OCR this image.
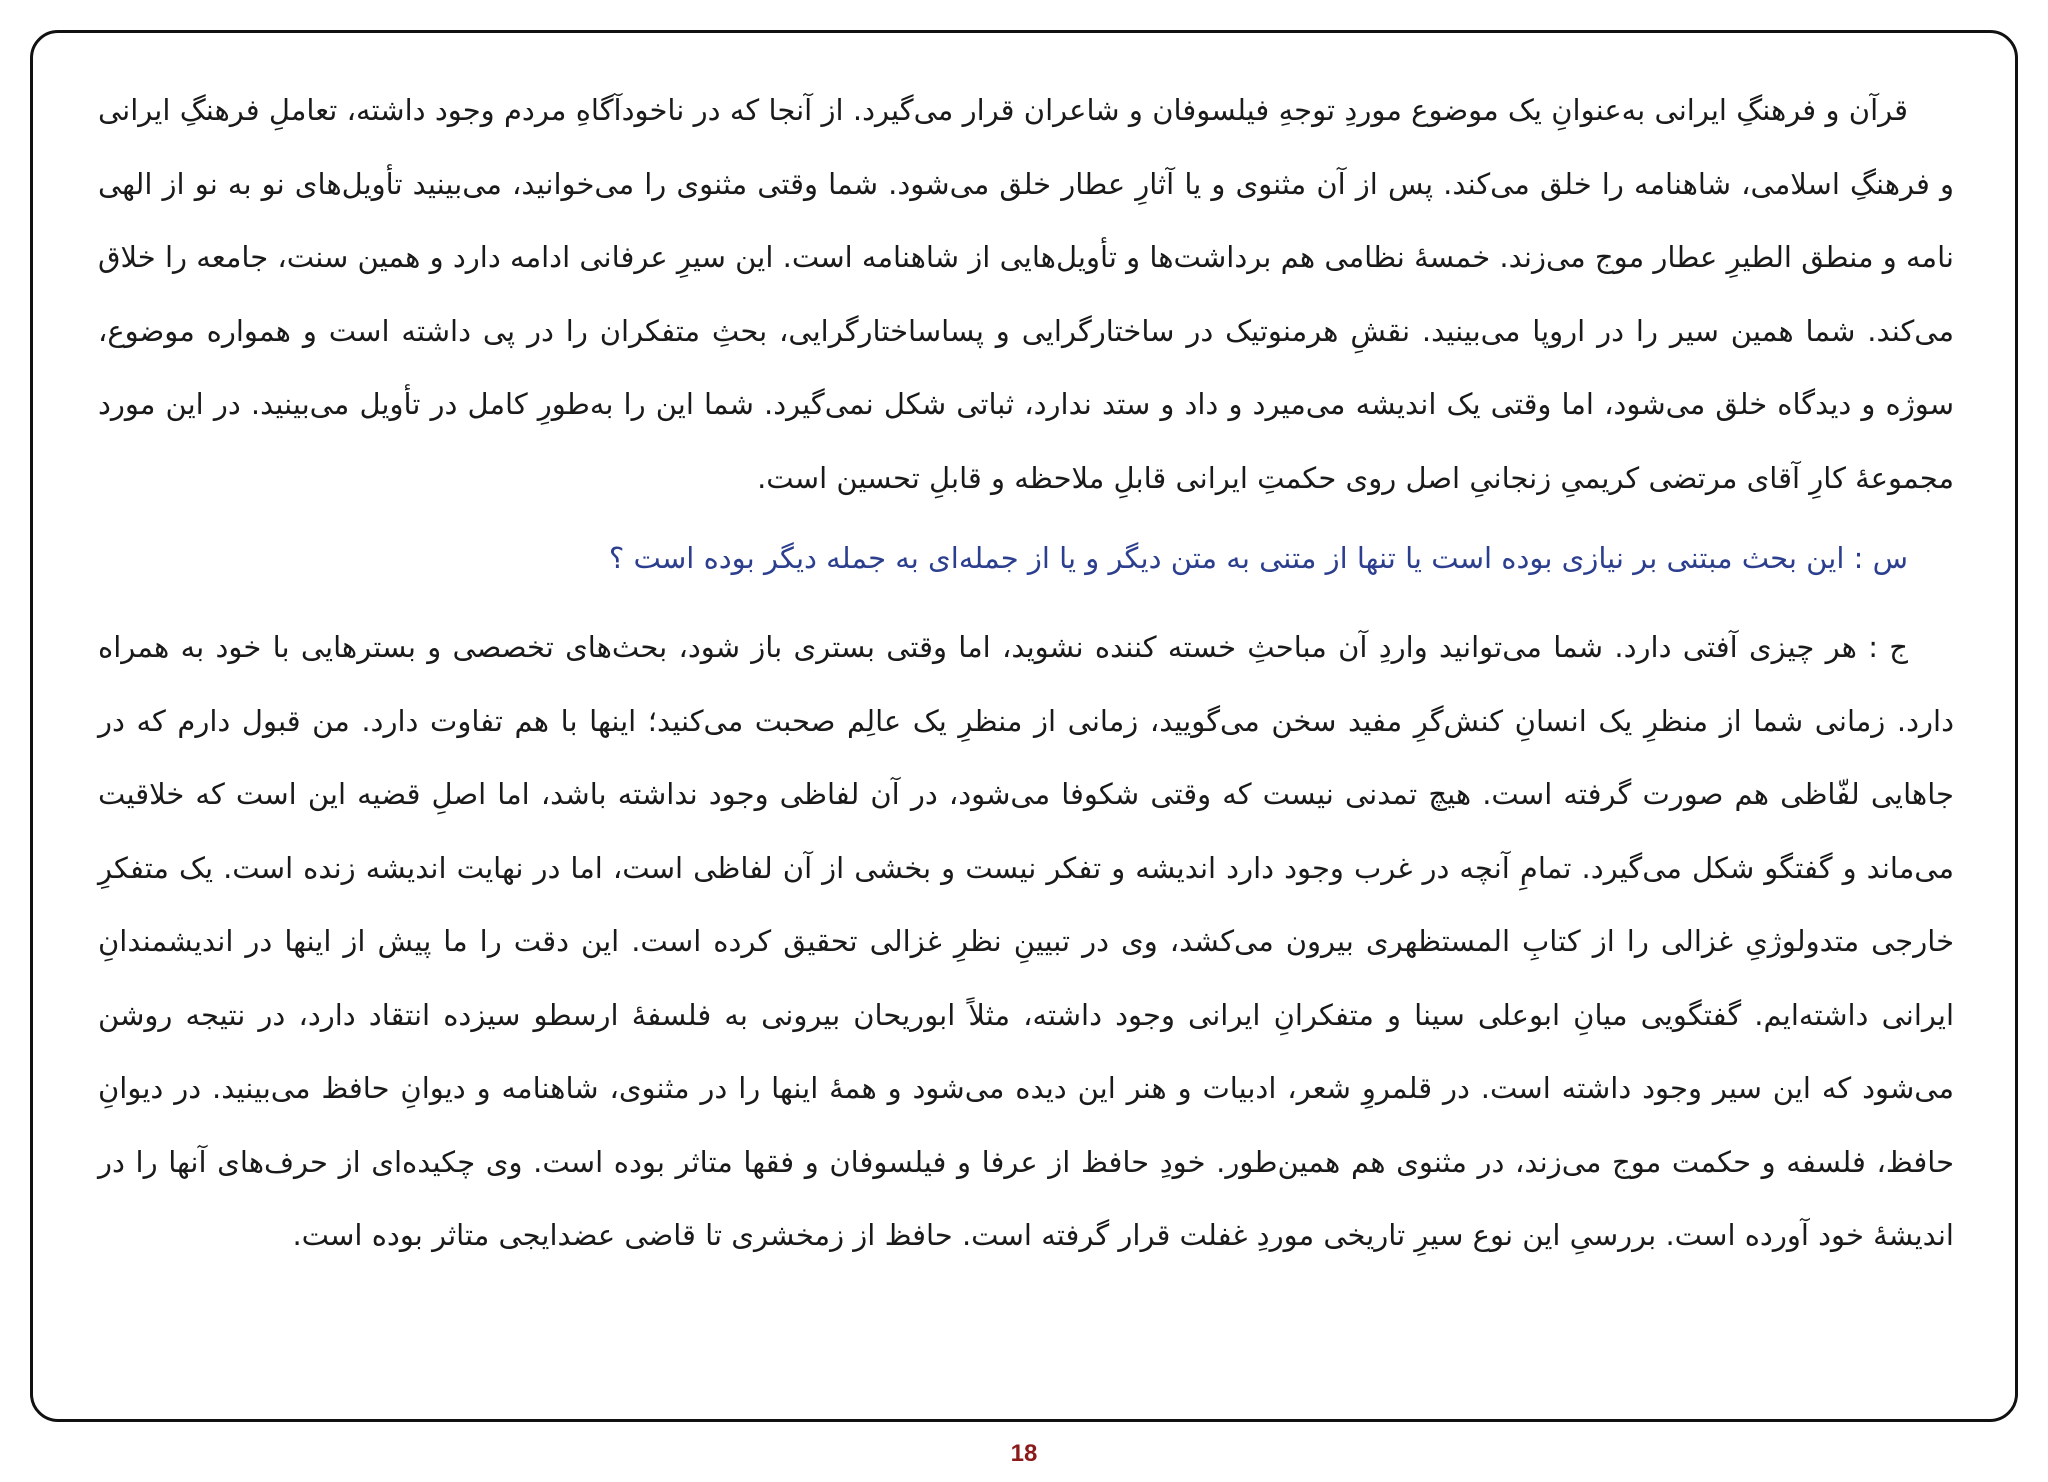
قرآن و فرهنگِ ایرانی به‌عنوانِ یک موضوع موردِ توجهِ فیلسوفان و شاعران قرار می‌گیرد. از آنجا که در ناخودآگاهِ مردم وجود داشته، تعاملِ فرهنگِ ایرانی و فرهنگِ اسلامی، شاهنامه را خلق می‌کند. پس از آن مثنوی و یا آثارِ عطار خلق می‌شود. شما وقتی مثنوی را می‌خوانید، می‌بینید تأویل‌های نو به نو از الهی نامه و منطق الطیرِ عطار موج می‌زند. خمسهٔ نظامی هم برداشت‌ها و تأویل‌هایی از شاهنامه است. این سیرِ عرفانی ادامه دارد و همین سنت، جامعه را خلاق می‌کند. شما همین سیر را در اروپا می‌بینید. نقشِ هرمنوتیک در ساختارگرایی و پساساختارگرایی، بحثِ متفکران را در پی داشته است و همواره موضوع، سوژه و دیدگاه خلق می‌شود، اما وقتی یک اندیشه می‌میرد و داد و ستد ندارد، ثباتی شکل نمی‌گیرد. شما این را به‌طورِ کامل در تأویل می‌بینید. در این مورد مجموعهٔ کارِ آقای مرتضی کریمیِ زنجانیِ اصل روی حکمتِ ایرانی قابلِ ملاحظه و قابلِ تحسین است.

س : این بحث مبتنی بر نیازی بوده است یا تنها از متنی به متن دیگر و یا از جمله‌ای به جمله دیگر بوده است ؟

ج : هر چیزی آفتی دارد. شما می‌توانید واردِ آن مباحثِ خسته کننده نشوید، اما وقتی بستری باز شود، بحث‌های تخصصی و بسترهایی با خود به همراه دارد. زمانی شما از منظرِ یک انسانِ کنش‌گرِ مفید سخن می‌گویید، زمانی از منظرِ یک عالِم صحبت می‌کنید؛ اینها با هم تفاوت دارد. من قبول دارم که در جاهایی لفّاظی هم صورت گرفته است. هیچ تمدنی نیست که وقتی شکوفا می‌شود، در آن لفاظی وجود نداشته باشد، اما اصلِ قضیه این است که خلاقیت می‌ماند و گفتگو شکل می‌گیرد. تمامِ آنچه در غرب وجود دارد اندیشه و تفکر نیست و بخشی از آن لفاظی است، اما در نهایت اندیشه زنده است. یک متفکرِ خارجی متدولوژیِ غزالی را از کتابِ المستظهری بیرون می‌کشد، وی در تبیینِ نظرِ غزالی تحقیق کرده است. این دقت را ما پیش از اینها در اندیشمندانِ ایرانی داشته‌ایم. گفتگویی میانِ ابوعلی سینا و متفکرانِ ایرانی وجود داشته، مثلاً ابوریحان بیرونی به فلسفهٔ ارسطو سیزده انتقاد دارد، در نتیجه روشن می‌شود که این سیر وجود داشته است. در قلمروِ شعر، ادبیات و هنر این دیده می‌شود و همهٔ اینها را در مثنوی، شاهنامه و دیوانِ حافظ می‌بینید. در دیوانِ حافظ، فلسفه و حکمت موج می‌زند، در مثنوی هم همین‌طور. خودِ حافظ از عرفا و فیلسوفان و فقها متاثر بوده است. وی چکیده‌ای از حرف‌های آنها را در اندیشهٔ خود آورده است. بررسیِ این نوع سیرِ تاریخی موردِ غفلت قرار گرفته است. حافظ از زمخشری تا قاضی عضدایجی متاثر بوده است.

18
